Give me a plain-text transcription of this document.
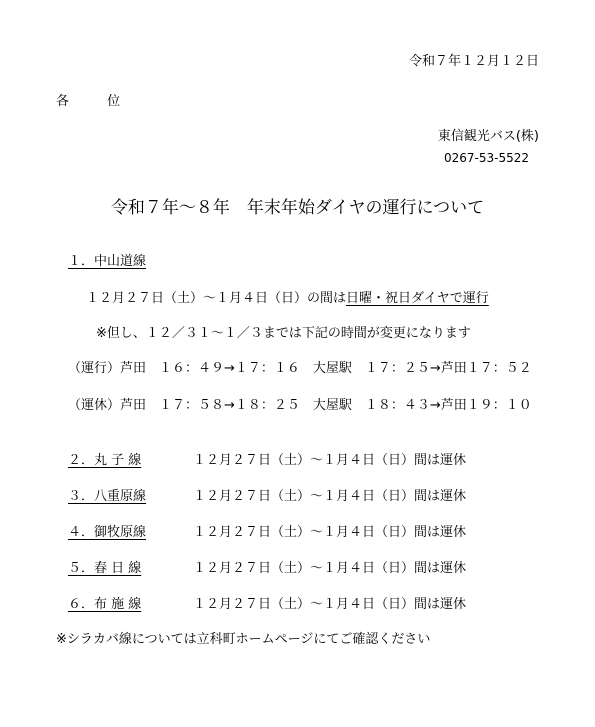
令和７年１２月１２日
各 位
東信観光バス(株)
0267-53-5522
令和７年～８年　年末年始ダイヤの運行について
１．中山道線
１２月２７日（土）～１月４日（日）の間は日曜・祝日ダイヤで運行
※但し、１２／３１～１／３までは下記の時間が変更になります
（運行）芦田　１６：４９→１７：１６　大屋駅　１７：２５→芦田１７：５２
（運休）芦田　１７：５８→１８：２５　大屋駅　１８：４３→芦田１９：１０
２．丸 子 線	１２月２７日（土）～１月４日（日）間は運休
３．八重原線	１２月２７日（土）～１月４日（日）間は運休
４．御牧原線	１２月２７日（土）～１月４日（日）間は運休
５．春 日 線	１２月２７日（土）～１月４日（日）間は運休
６．布 施 線	１２月２７日（土）～１月４日（日）間は運休
※シラカバ線については立科町ホームページにてご確認ください
